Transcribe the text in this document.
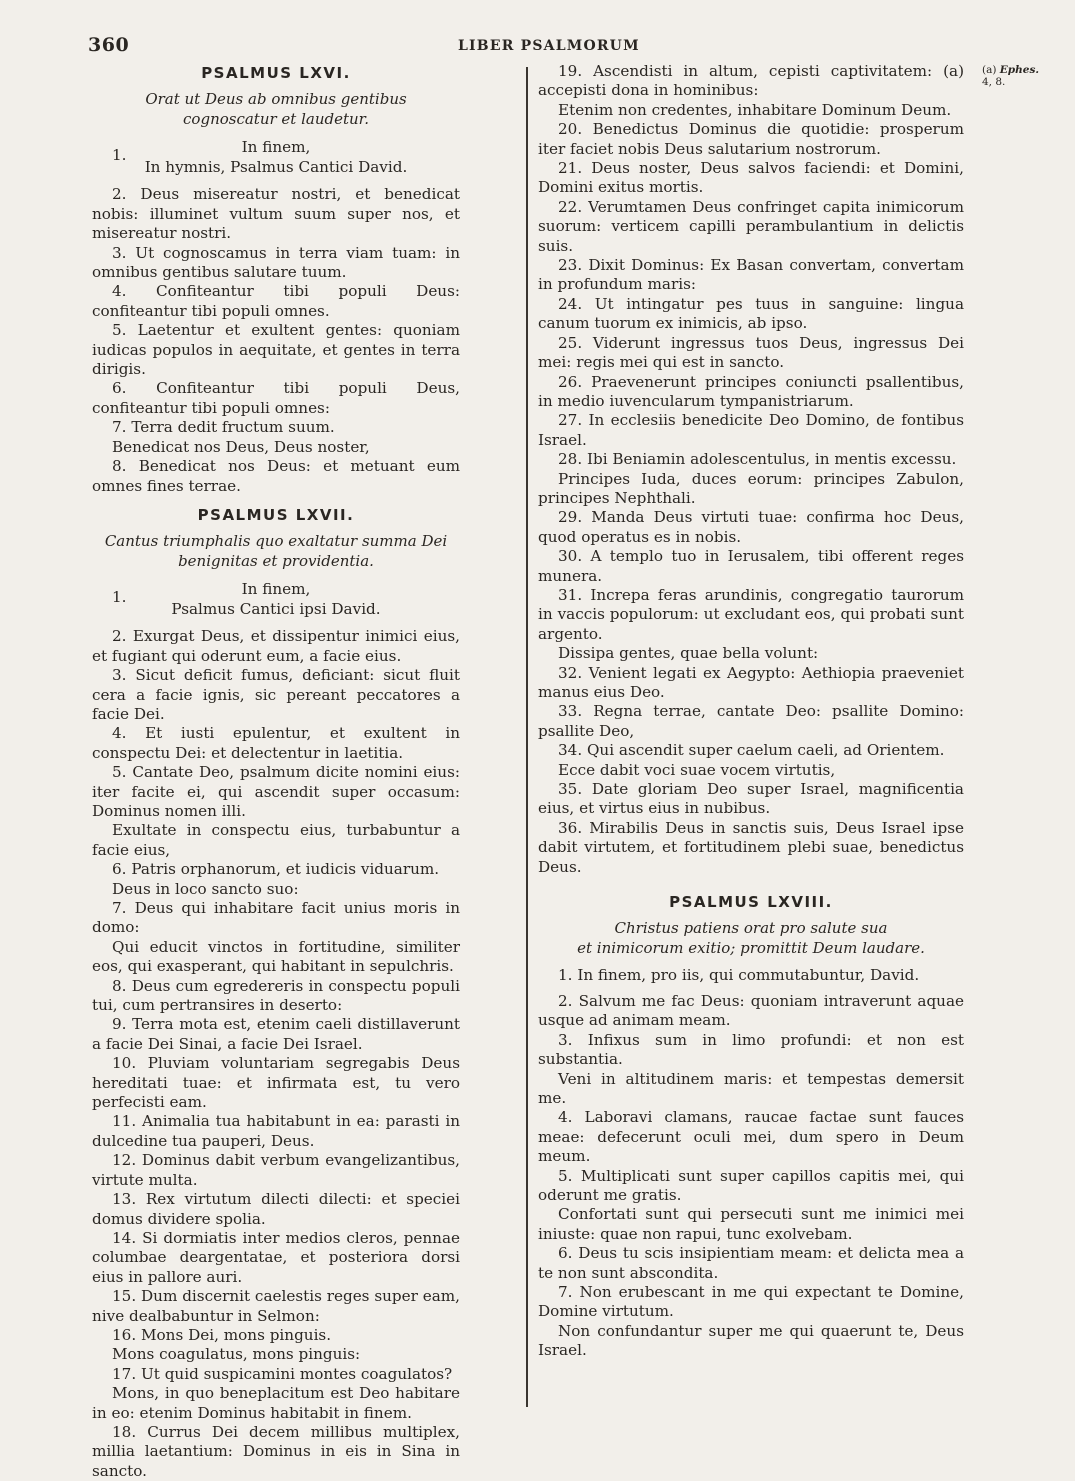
360	LIBER PSALMORUM
PSALMUS LXVI.
Orat ut Deus ab omnibus gentibus cognoscatur et laudetur.
1.	In finem,
In hymnis, Psalmus Cantici David.

2. Deus misereatur nostri, et benedicat nobis: illuminet vultum suum super nos, et misereatur nostri.

3. Ut cognoscamus in terra viam tuam: in omnibus gentibus salutare tuum.

4. Confiteantur tibi populi Deus: confiteantur tibi populi omnes.

5. Laetentur et exultent gentes: quoniam iudicas populos in aequitate, et gentes in terra dirigis.

6. Confiteantur tibi populi Deus, confiteantur tibi populi omnes:

7. Terra dedit fructum suum.

Benedicat nos Deus, Deus noster,

8. Benedicat nos Deus: et metuant eum omnes fines terrae.

PSALMUS LXVII.
Cantus triumphalis quo exaltatur summa Dei benignitas et providentia.
1.	In finem,
Psalmus Cantici ipsi David.

2. Exurgat Deus, et dissipentur inimici eius, et fugiant qui oderunt eum, a facie eius.

3. Sicut deficit fumus, deficiant: sicut fluit cera a facie ignis, sic pereant peccatores a facie Dei.

4. Et iusti epulentur, et exultent in conspectu Dei: et delectentur in laetitia.

5. Cantate Deo, psalmum dicite nomini eius: iter facite ei, qui ascendit super occasum: Dominus nomen illi.

Exultate in conspectu eius, turbabuntur a facie eius,

6. Patris orphanorum, et iudicis viduarum.

Deus in loco sancto suo:

7. Deus qui inhabitare facit unius moris in domo:

Qui educit vinctos in fortitudine, similiter eos, qui exasperant, qui habitant in sepulchris.

8. Deus cum egredereris in conspectu populi tui, cum pertransires in deserto:

9. Terra mota est, etenim caeli distillaverunt a facie Dei Sinai, a facie Dei Israel.

10. Pluviam voluntariam segregabis Deus hereditati tuae: et infirmata est, tu vero perfecisti eam.

11. Animalia tua habitabunt in ea: parasti in dulcedine tua pauperi, Deus.

12. Dominus dabit verbum evangelizantibus, virtute multa.

13. Rex virtutum dilecti dilecti: et speciei domus dividere spolia.

14. Si dormiatis inter medios cleros, pennae columbae deargentatae, et posteriora dorsi eius in pallore auri.

15. Dum discernit caelestis reges super eam, nive dealbabuntur in Selmon:

16. Mons Dei, mons pinguis.

Mons coagulatus, mons pinguis:

17. Ut quid suspicamini montes coagulatos?

Mons, in quo beneplacitum est Deo habitare in eo: etenim Dominus habitabit in finem.

18. Currus Dei decem millibus multiplex, millia laetantium: Dominus in eis in Sina in sancto.

19. Ascendisti in altum, cepisti captivitatem: (a) accepisti dona in hominibus:

Etenim non credentes, inhabitare Dominum Deum.

20. Benedictus Dominus die quotidie: prosperum iter faciet nobis Deus salutarium nostrorum.

21. Deus noster, Deus salvos faciendi: et Domini, Domini exitus mortis.

22. Verumtamen Deus confringet capita inimicorum suorum: verticem capilli perambulantium in delictis suis.

23. Dixit Dominus: Ex Basan convertam, convertam in profundum maris:

24. Ut intingatur pes tuus in sanguine: lingua canum tuorum ex inimicis, ab ipso.

25. Viderunt ingressus tuos Deus, ingressus Dei mei: regis mei qui est in sancto.

26. Praevenerunt principes coniuncti psallentibus, in medio iuvencularum tympanistriarum.

27. In ecclesiis benedicite Deo Domino, de fontibus Israel.

28. Ibi Beniamin adolescentulus, in mentis excessu.

Principes Iuda, duces eorum: principes Zabulon, principes Nephthali.

29. Manda Deus virtuti tuae: confirma hoc Deus, quod operatus es in nobis.

30. A templo tuo in Ierusalem, tibi offerent reges munera.

31. Increpa feras arundinis, congregatio taurorum in vaccis populorum: ut excludant eos, qui probati sunt argento.

Dissipa gentes, quae bella volunt:

32. Venient legati ex Aegypto: Aethiopia praeveniet manus eius Deo.

33. Regna terrae, cantate Deo: psallite Domino: psallite Deo,

34. Qui ascendit super caelum caeli, ad Orientem.

Ecce dabit voci suae vocem virtutis,

35. Date gloriam Deo super Israel, magnificentia eius, et virtus eius in nubibus.

36. Mirabilis Deus in sanctis suis, Deus Israel ipse dabit virtutem, et fortitudinem plebi suae, benedictus Deus.

PSALMUS LXVIII.
Christus patiens orat pro salute sua
et inimicorum exitio; promittit Deum laudare.

1. In finem, pro iis, qui commutabuntur, David.

2. Salvum me fac Deus: quoniam intraverunt aquae usque ad animam meam.

3. Infixus sum in limo profundi: et non est substantia.

Veni in altitudinem maris: et tempestas demersit me.

4. Laboravi clamans, raucae factae sunt fauces meae: defecerunt oculi mei, dum spero in Deum meum.

5. Multiplicati sunt super capillos capitis mei, qui oderunt me gratis.

Confortati sunt qui persecuti sunt me inimici mei iniuste: quae non rapui, tunc exolvebam.

6. Deus tu scis insipientiam meam: et delicta mea a te non sunt abscondita.

7. Non erubescant in me qui expectant te Domine, Domine virtutum.

Non confundantur super me qui quaerunt te, Deus Israel.

(a) Ephes.
4, 8.
